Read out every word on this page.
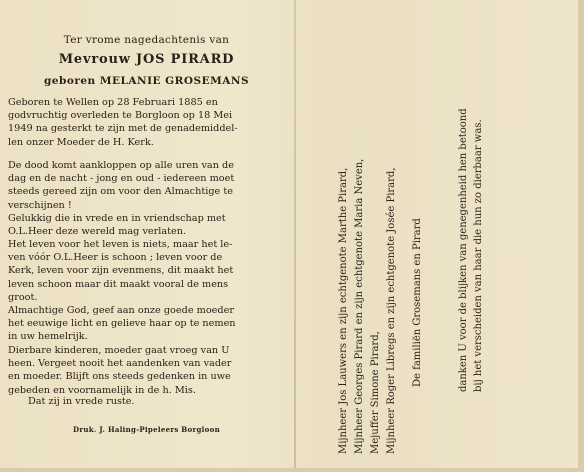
Ter vrome nagedachtenis van
Mevrouw JOS PIRARD
geboren MELANIE GROSEMANS
Geboren te Wellen op 28 Februari 1885 en
godvruchtig overleden te Borgloon op 18 Mei
1949 na gesterkt te zijn met de genademiddel-
len onzer Moeder de H. Kerk.
De dood komt aankloppen op alle uren van de
dag en de nacht - jong en oud - iedereen moet
steeds gereed zijn om voor den Almachtige te
verschijnen !
Gelukkig die in vrede en in vriendschap met
O.L.Heer deze wereld mag verlaten.
Het leven voor het leven is niets, maar het le-
ven vóór O.L.Heer is schoon ; leven voor de
Kerk, leven voor zijn evenmens, dit maakt het
leven schoon maar dit maakt vooral de mens
groot.
Almachtige God, geef aan onze goede moeder
het eeuwige licht en gelieve haar op te nemen
in uw hemelrijk.
Dierbare kinderen, moeder gaat vroeg van U
heen. Vergeet nooit het aandenken van vader
en moeder. Blijft ons steeds gedenken in uwe
gebeden en voornamelijk in de h. Mis.
Dat zij in vrede ruste.
Druk. J. Haling-Pipeleers Borgloon	Mijnheer Jos Lauwers en zijn echtgenote Marthe Pirard, Mijnheer Georges Pirard en zijn echtgenote Maria Neven, Mejuffer Simone Pirard, Mijnheer Roger Libregs en zijn echtgenote Josée Pirard, De familiën Grosemans en Pirard	danken U voor de blijken van genegenheid hen betoond bij het verscheiden van haar die hun zo dierbaar was.
